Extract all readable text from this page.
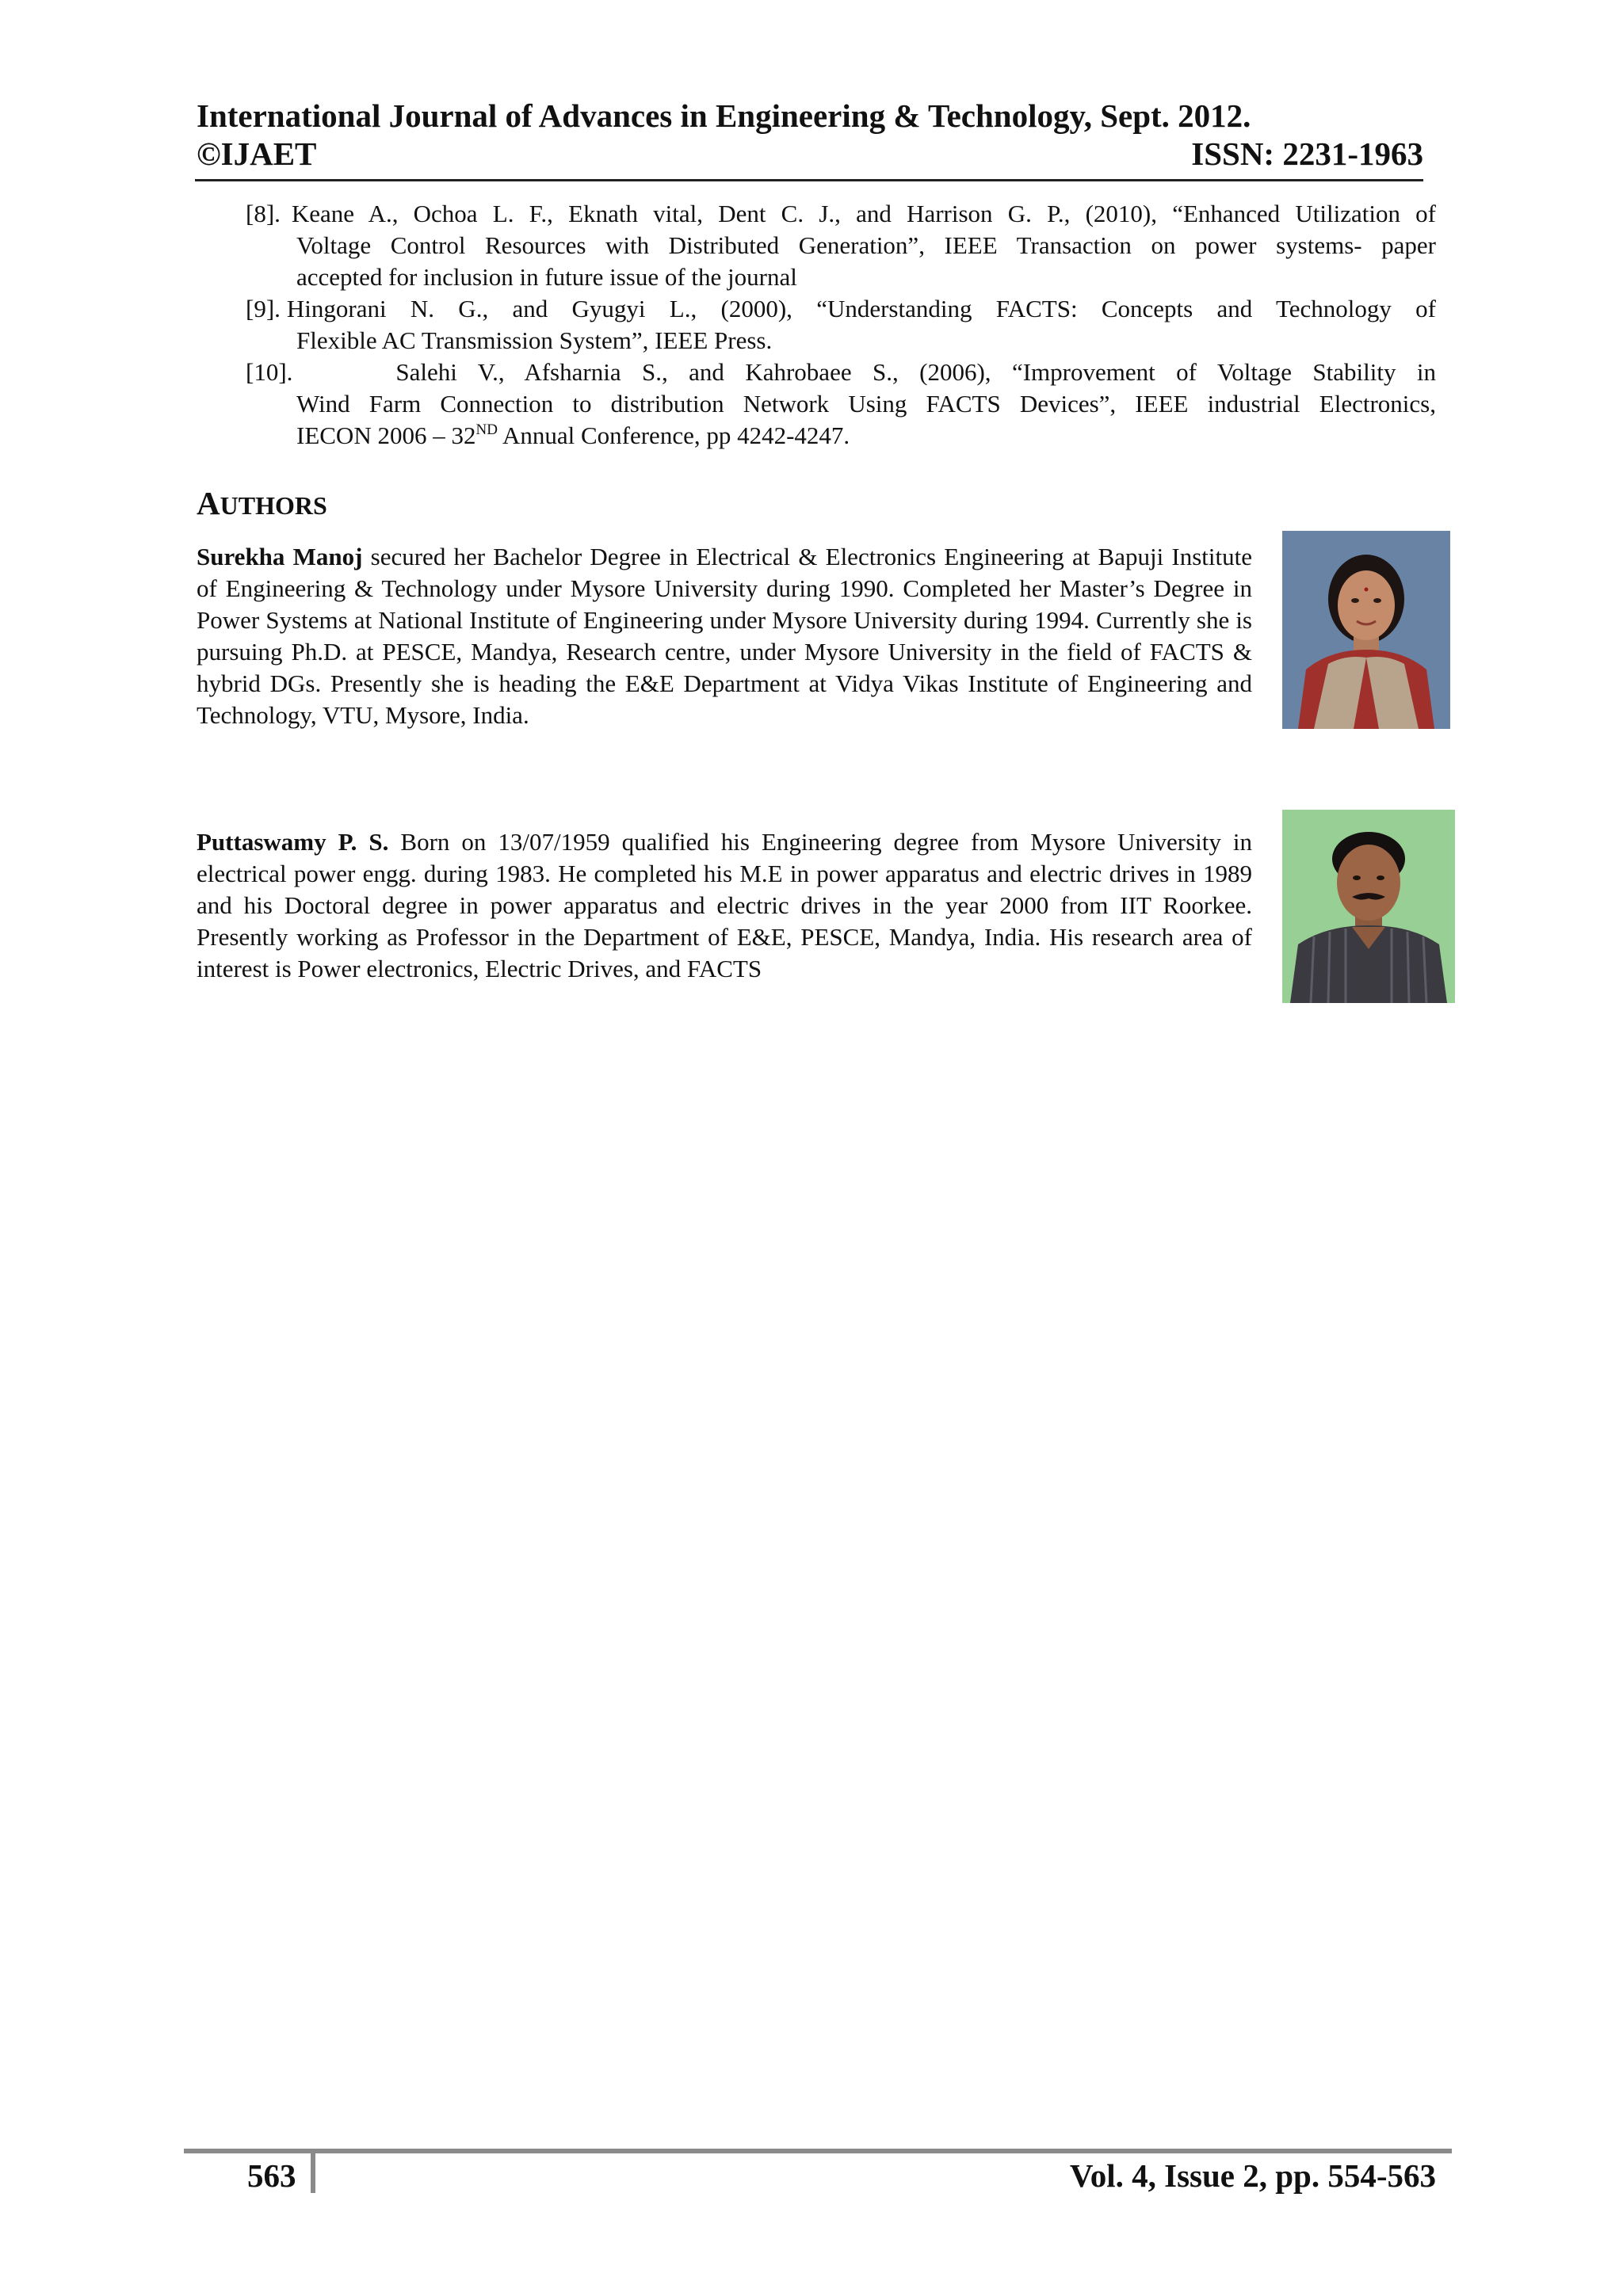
International Journal of Advances in Engineering & Technology, Sept. 2012.
©IJAET	ISSN: 2231-1963
[8]. Keane A., Ochoa L. F., Eknath vital, Dent C. J., and Harrison G. P., (2010), “Enhanced Utilization of
Voltage Control Resources with Distributed Generation”, IEEE Transaction on power systems- paper
accepted for inclusion in future issue of the journal
[9]. Hingorani N. G., and Gyugyi L., (2000), “Understanding FACTS: Concepts and Technology of
Flexible AC Transmission System”, IEEE Press.
[10].	Salehi V., Afsharnia S., and Kahrobaee S., (2006), “Improvement of Voltage Stability in
Wind Farm Connection to distribution Network Using FACTS Devices”, IEEE industrial Electronics,
IECON 2006 – 32ND Annual Conference, pp 4242-4247.
AUTHORS
Surekha Manoj secured her Bachelor Degree in Electrical & Electronics Engineering at Bapuji Institute of Engineering & Technology under Mysore University during 1990. Completed her Master’s Degree in Power Systems at National Institute of Engineering under Mysore University during 1994. Currently she is pursuing Ph.D. at PESCE, Mandya, Research centre, under Mysore University in the field of FACTS & hybrid DGs. Presently she is heading the E&E Department at Vidya Vikas Institute of Engineering and Technology, VTU, Mysore, India.
Puttaswamy P. S. Born on 13/07/1959 qualified his Engineering degree from Mysore University in electrical power engg. during 1983. He completed his M.E in power apparatus and electric drives in 1989 and his Doctoral degree in power apparatus and electric drives in the year 2000 from IIT Roorkee. Presently working as Professor in the Department of E&E, PESCE, Mandya, India. His research area of interest is Power electronics, Electric Drives, and FACTS
563	Vol. 4, Issue 2, pp. 554-563
